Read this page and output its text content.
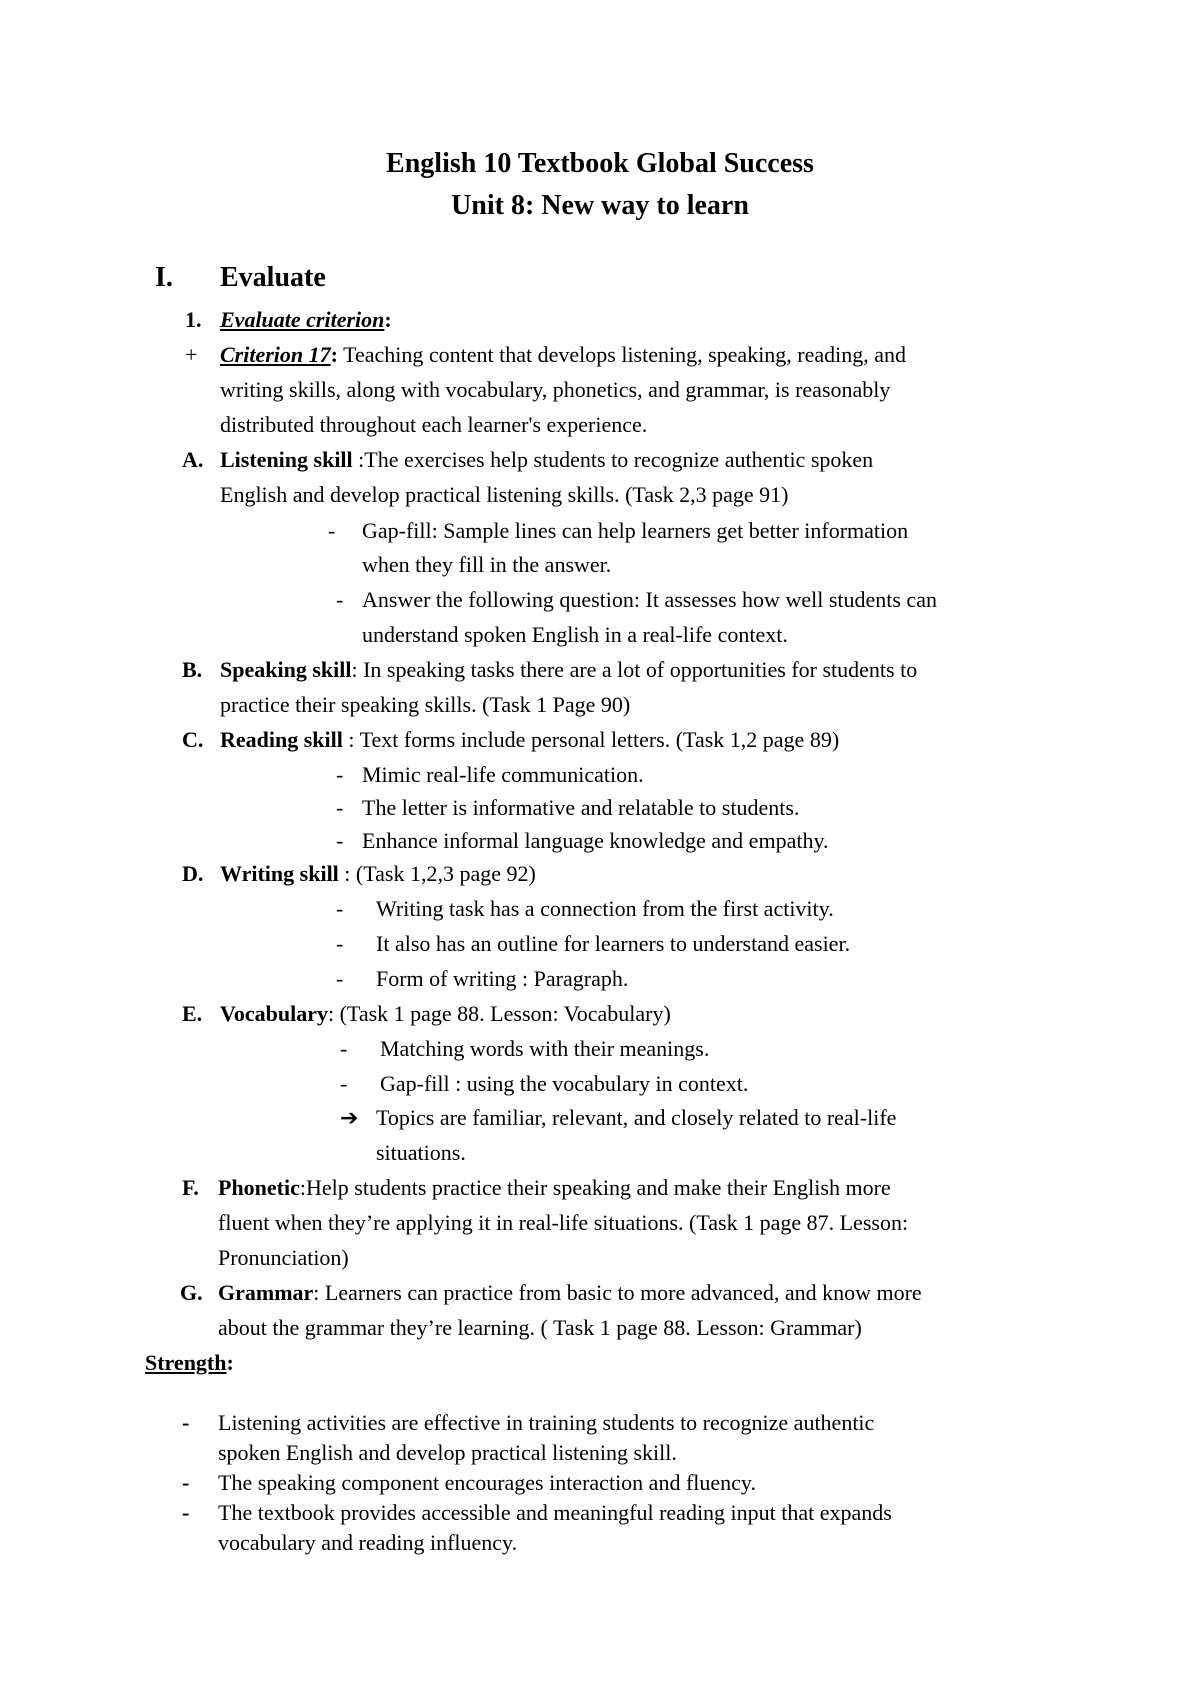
English 10 Textbook Global Success
Unit 8: New way to learn
I. Evaluate
1. Evaluate criterion:
+ Criterion 17: Teaching content that develops listening, speaking, reading, and
writing skills, along with vocabulary, phonetics, and grammar, is reasonably
distributed throughout each learner's experience.
A. Listening skill :The exercises help students to recognize authentic spoken
English and develop practical listening skills. (Task 2,3 page 91)
- Gap-fill: Sample lines can help learners get better information
when they fill in the answer.
- Answer the following question: It assesses how well students can
understand spoken English in a real-life context.
B. Speaking skill: In speaking tasks there are a lot of opportunities for students to
practice their speaking skills. (Task 1 Page 90)
C. Reading skill : Text forms include personal letters. (Task 1,2 page 89)
- Mimic real-life communication.
- The letter is informative and relatable to students.
- Enhance informal language knowledge and empathy.
D. Writing skill : (Task 1,2,3 page 92)
- Writing task has a connection from the first activity.
- It also has an outline for learners to understand easier.
- Form of writing : Paragraph.
E. Vocabulary: (Task 1 page 88. Lesson: Vocabulary)
- Matching words with their meanings.
- Gap-fill : using the vocabulary in context.
➔ Topics are familiar, relevant, and closely related to real-life
situations.
F. Phonetic:Help students practice their speaking and make their English more
fluent when they’re applying it in real-life situations. (Task 1 page 87. Lesson:
Pronunciation)
G. Grammar: Learners can practice from basic to more advanced, and know more
about the grammar they’re learning. ( Task 1 page 88. Lesson: Grammar)
Strength:
- Listening activities are effective in training students to recognize authentic
spoken English and develop practical listening skill.
- The speaking component encourages interaction and fluency.
- The textbook provides accessible and meaningful reading input that expands
vocabulary and reading influency.
